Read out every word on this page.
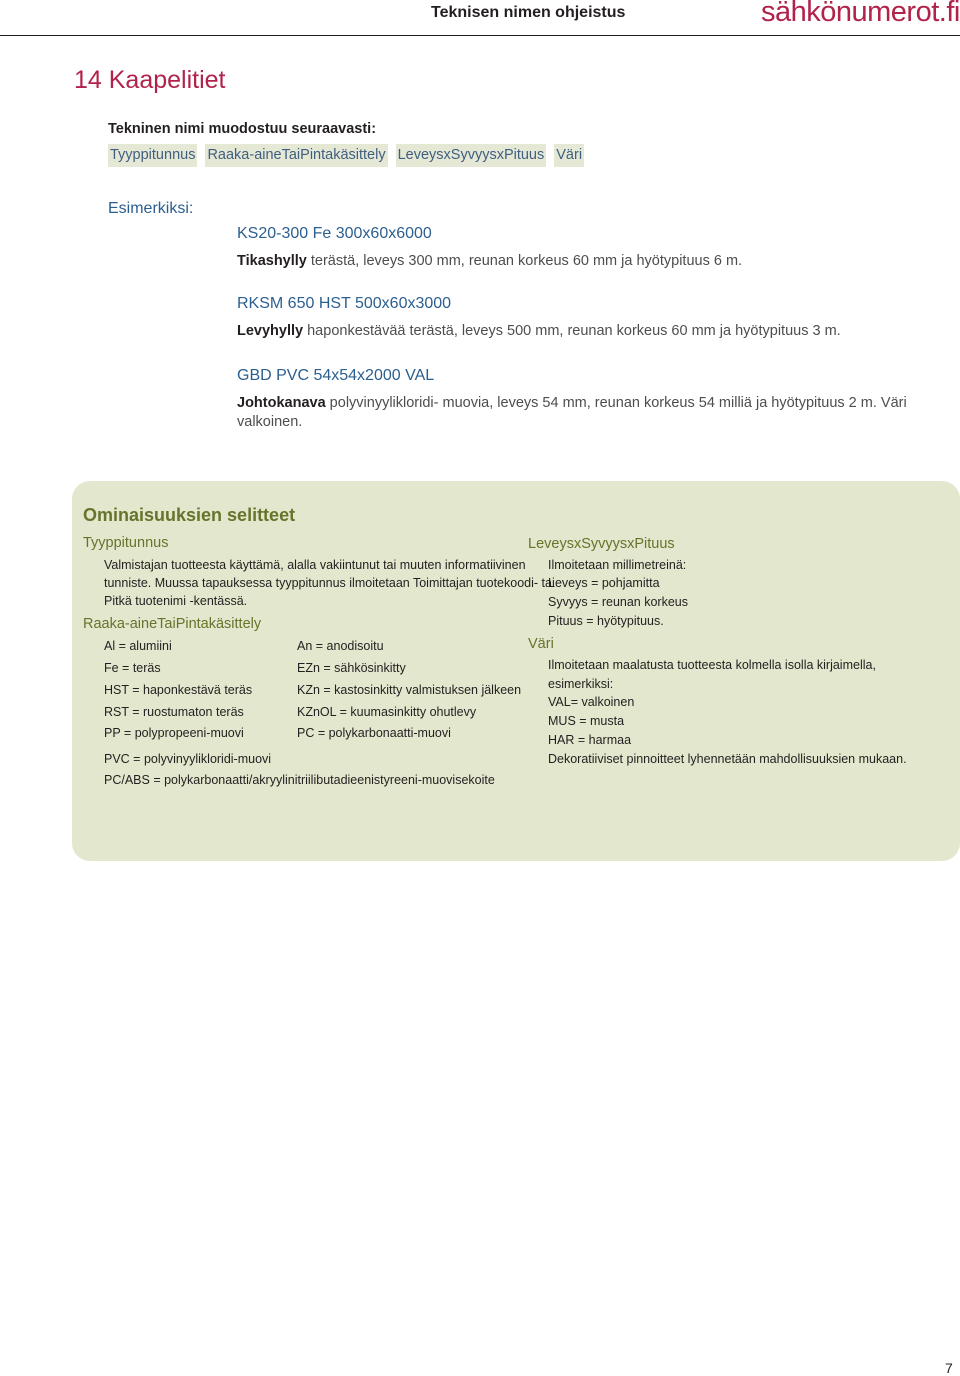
Teknisen nimen ohjeistus	sähkönumerot.fi
14 Kaapelitiet
Tekninen nimi muodostuu seuraavasti:
Tyyppitunnus Raaka-aineTaiPintakäsittely LeveysxSyvyysxPituus Väri
Esimerkiksi:
KS20-300 Fe 300x60x6000
Tikashylly terästä, leveys 300 mm, reunan korkeus 60 mm ja hyötypituus 6 m.
RKSM 650 HST 500x60x3000
Levyhylly haponkestävää terästä, leveys 500 mm, reunan korkeus 60 mm ja hyötypituus 3 m.
GBD PVC 54x54x2000 VAL
Johtokanava polyvinyylikloridi- muovia, leveys 54 mm, reunan korkeus 54 milliä ja hyötypituus 2 m. Väri valkoinen.
Ominaisuuksien selitteet
Tyyppitunnus
Valmistajan tuotteesta käyttämä, alalla vakiintunut tai muuten informatiivinen
tunniste. Muussa tapauksessa tyyppitunnus ilmoitetaan Toimittajan tuotekoodi- tai
Pitkä tuotenimi -kentässä.
Raaka-aineTaiPintakäsittely
Al = alumiini
Fe = teräs
HST = haponkestävä teräs
RST = ruostumaton teräs
PP = polypropeeni-muovi
An = anodisoitu
EZn = sähkösinkitty
KZn = kastosinkitty valmistuksen jälkeen
KZnOL = kuumasinkitty ohutlevy
PC = polykarbonaatti-muovi
PVC = polyvinyylikloridi-muovi
PC/ABS = polykarbonaatti/akryylinitriilibutadieenistyreeni-muovisekoite
LeveysxSyvyysxPituus
Ilmoitetaan millimetreinä:
Leveys = pohjamitta
Syvyys = reunan korkeus
Pituus = hyötypituus.
Väri
Ilmoitetaan maalatusta tuotteesta kolmella isolla kirjaimella,
esimerkiksi:
VAL= valkoinen
MUS = musta
HAR = harmaa
Dekoratiiviset pinnoitteet lyhennetään mahdollisuuksien mukaan.
7
